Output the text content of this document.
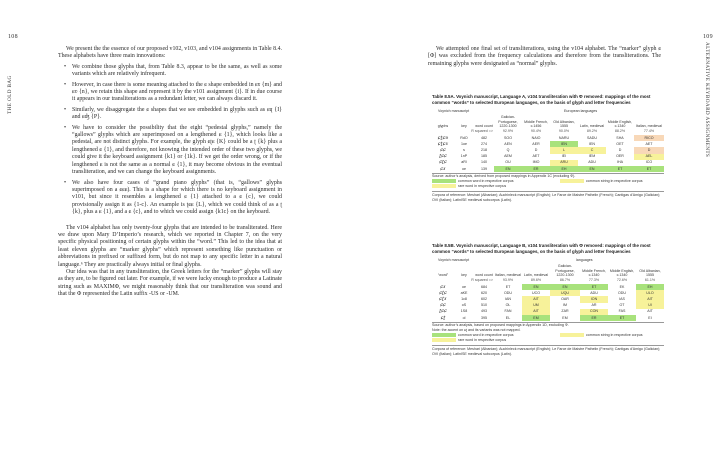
108
THE OLD BAG

We present the the essence of our proposed v102, v103, and v104 assignments in Table 8.4. These alphabets have three main innovations:

• We combine those glyphs that, from Table 8.3, appear to be the same, as well as some variants which are relatively infrequent.
• However, in case there is some meaning attached to the ɕ shape embedded in ɕɤ {m} and ɕʋ {n}, we retain this shape and represent it by the v101 assignment {i}. If in due course it appears in our transliterations as a redundant letter, we can always discard it.
• Similarly, we disaggregate the ɕ shapes that we see embedded in glyphs such as ɕɥ {I} and ɕʤ {P}.
• We have to consider the possibility that the eight “pedestal glyphs,” namely the “gallows” glyphs which are superimposed on a lengthened ɕ {1}, which looks like a pedestal, are not distinct glyphs. For example, the glyph ɕʈɕ {K} could be a ʈ {k} plus a lengthened ɕ {1}, and therefore, not knowing the intended order of these two glyphs, we could give it the keyboard assignment {k1} or {1k}. If we get the order wrong, or if the lengthened ɕ is not the same as a normal ɕ {1}, it may become obvious in the eventual transliteration, and we can change the keyboard assignments.
• We also have four cases of “grand piano glyphs” (that is, “gallows” glyphs superimposed on a ɕɕɕ). This is a shape for which there is no keyboard assignment in v101, but since it resembles a lengthened ɕ {1} attached to a ɕ {c}, we could provisionally assign it as {1-c}. An example is ʈɕɕ {L}, which we could think of as a ʈ {k}, plus a ɕ {1}, and a ɕ {c}, and to which we could assign {k1c} on the keyboard.

The v104 alphabet has only twenty-four glyphs that are intended to be transliterated. Here we draw upon Mary D’Imperio’s research, which we reported in Chapter 7, on the very specific physical positioning of certain glyphs within the “word.” This led to the idea that at least eleven glyphs are “marker glyphs” which represent something like punctuation or abbreviations in prefixed or suffixed form, but do not map to any specific letter in a natural language.⁶ They are practically always initial or final glyphs.

Our idea was that in any transliteration, the Greek letters for the “marker” glyphs will stay as they are, to be figured out later. For example, if we were lucky enough to produce a Latinate string such as MAXIMΦ, we might reasonably think that our transliteration was sound and that the Φ represented the Latin suffix -US or -UM.

109
ALTERNATIVE KEYBOARD ASSIGNMENTS

We attempted one final set of transliterations, using the v104 alphabet. The “marker” glyph ɕ [Φ] was excluded from the frequency calculations and therefore from the transliterations. The remaining glyphs were designated as “normal” glyphs.

Table 8.5A. Voynich manuscript, Language A, v104 transliteration with Φ removed: mappings of the most common “words” to selected European languages, on the basis of glyph and letter frequencies
Voynich manuscript	European languages
glyphs	key	word count	Galician-Portuguese, 1220-1300	Middle French, c.1456	Old Albanian, 1555	Latin, medieval	Middle English, c.1340	Italian, medieval
R squared =>			92.9%	90.4%	90.0%	89.2%	88.2%	77.4%
ɕʈɕʋ	RdO	482	SOO	NAIO	NARU	SADU	SHA	RICO
ɕʈɕɤ	1oe	274	AEN	AER	IEN	IEN	OET	AET
ɕɕ	s	218	Q	D	L	C	D	D
ʈɕɕ	1nP	185	AEM	AET	IEI	IEM	OER	AEL
ɕʈɕ	aRl	140	OU	IMO	ARU	ADU	IHA	ICO
ɕɤ	oe	139	EN	ER	EH	EN	ET	ET
Source: author’s analysis, derived from proposed mappings in Appendix 1C (excluding Φ).
common word in respective corpus	common string in respective corpus
rare word in respective corpus
Corpora of reference: Meshari (Albanian); Auchinleck manuscript (English); Le Farce de Maistre Pathelin (French); Cantigas d’Amigo (Galician); OVI (Italian); LatinISE medieval subcorpus (Latin).
Table 8.5B. Voynich manuscript, Language B, v104 transliteration with Φ removed: mappings of the most common “words” to selected European languages, on the basis of glyph and letter frequencies
Voynich manuscript	languages
“word”	key	word count	Italian, medieval	Latin, medieval	Galician-Portuguese, 1220-1300	Middle French, c.1340	Middle English, c.1340	Old Albanian, 1555
R squared =>			93.9%	89.6%	86.7%	77.3%	72.6%	61.1%
ɕɤ	oe	684	ET	EN	EN	ET	EK	EH
ɕʈɕ	aKE	620	ODU	UCO	UQU	ADU	ODU	ULO
ɕʈɤ	1c8	602	IAN	AIT	OAR	ION	IAS	AIT
ɕɕ	oS	510	OL	UM	IM	AR	OT	UI
ʈɕɕ	1S8	493	FAN	AIT	ZAR	CON	FAS	AIT
ɕʈ	ol	395	EL	EM	EM	ER	ET	EI
Source: author’s analysis, based on proposed mappings in Appendix 1D, excluding Φ.
Note: the accent on ɕʈ and its variants was not mapped.
common word in respective corpus	common string in respective corpus
rare word in respective corpus
Corpora of reference: Meshari (Albanian); Auchinleck manuscript (English); Le Farce de Maistre Pathelin (French); Cantigas d’Amigo (Galician); OVI (Italian); LatinISE medieval subcorpus (Latin).
